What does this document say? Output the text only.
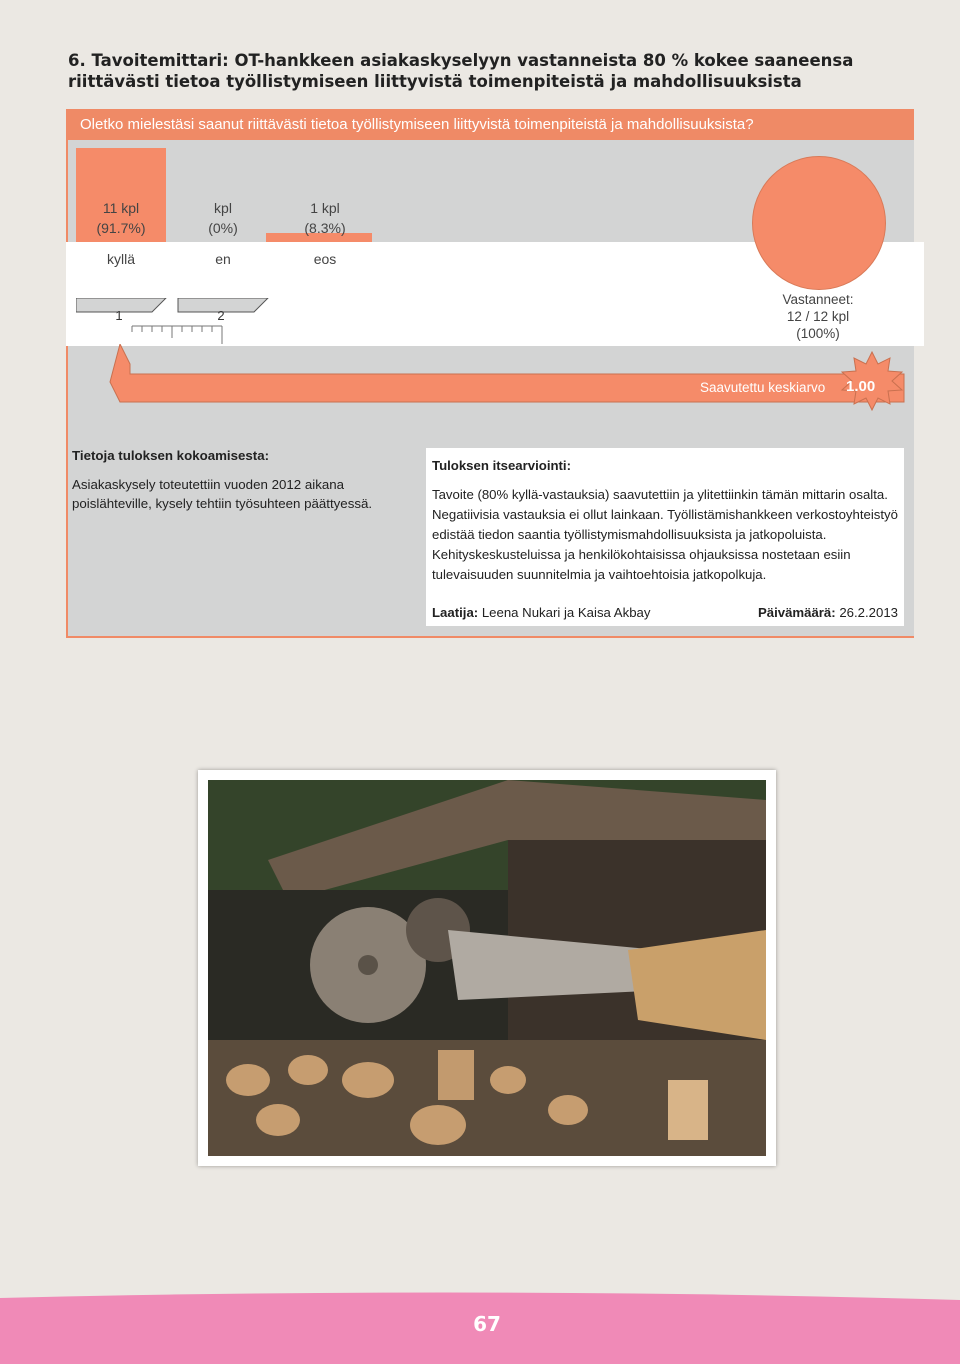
6. Tavoitemittari: OT-hankkeen asiakaskyselyyn vastanneista 80 % kokee saaneensa
riittävästi tietoa työllistymiseen liittyvistä toimenpiteistä ja mahdollisuuksista
Oletko mielestäsi saanut riittävästi tietoa työllistymiseen liittyvistä toimenpiteistä ja mahdollisuuksista?
11 kpl
(91.7%)
kpl
(0%)
1 kpl
(8.3%)
kyllä	en	eos
1	2
Vastanneet:
12 / 12 kpl
(100%)
Saavutettu keskiarvo 1.00
Tietoja tuloksen kokoamisesta:
Asiakaskysely toteutettiin vuoden 2012 aikana poislähteville, kysely tehtiin työsuhteen päättyessä.
Tuloksen itsearviointi:
Tavoite (80% kyllä-vastauksia) saavutettiin ja ylitettiinkin tämän mittarin osalta. Negatiivisia vastauksia ei ollut lainkaan. Työllistämishankkeen verkostoyhteistyö edistää tiedon saantia työllistymismahdollisuuksista ja jatkopoluista. Kehityskeskusteluissa ja henkilökohtaisissa ohjauksissa nostetaan esiin tulevaisuuden suunnitelmia ja vaihtoehtoisia jatkopolkuja.
Laatija: Leena Nukari ja Kaisa Akbay	Päivämäärä: 26.2.2013
67
